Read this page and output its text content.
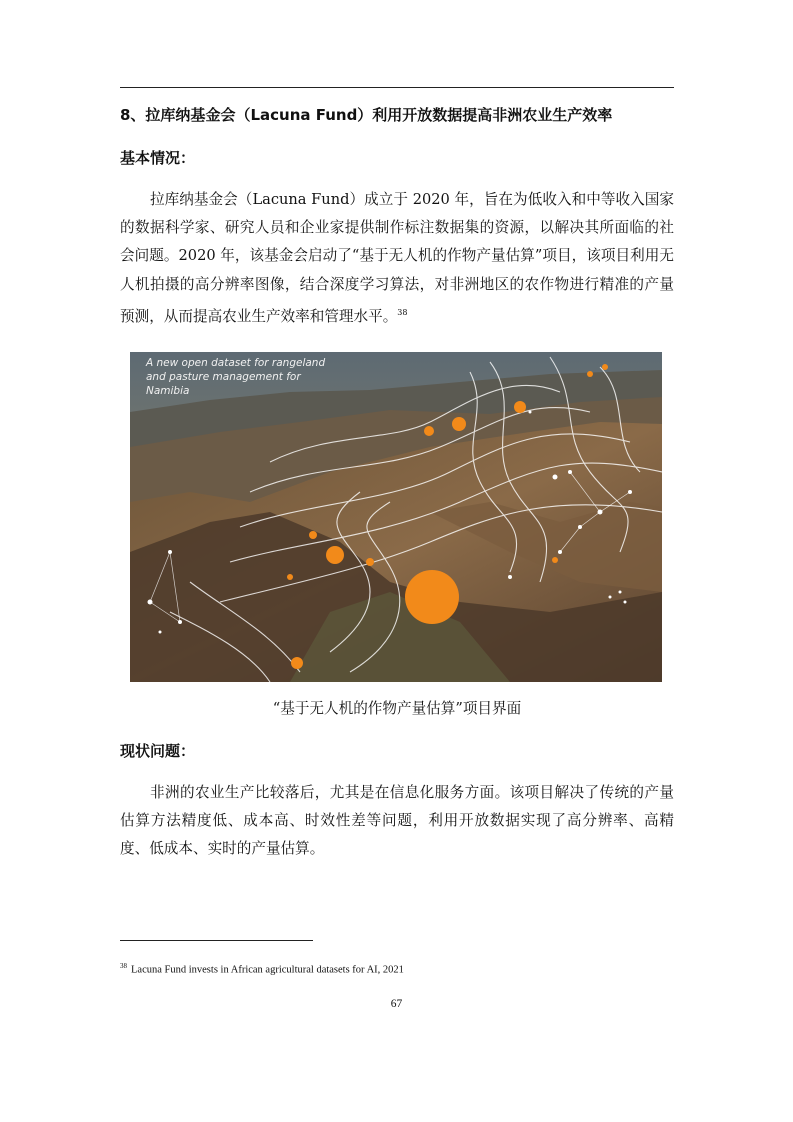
8、拉库纳基金会（Lacuna Fund）利用开放数据提高非洲农业生产效率
基本情况：

拉库纳基金会（Lacuna Fund）成立于 2020 年，旨在为低收入和中等收入国家的数据科学家、研究人员和企业家提供制作标注数据集的资源，以解决其所面临的社会问题。2020 年，该基金会启动了“基于无人机的作物产量估算”项目，该项目利用无人机拍摄的高分辨率图像，结合深度学习算法，对非洲地区的农作物进行精准的产量预测，从而提高农业生产效率和管理水平。$^{38}$

A new open dataset for rangeland and pasture management for Namibia
“基于无人机的作物产量估算”项目界面
现状问题：

非洲的农业生产比较落后，尤其是在信息化服务方面。该项目解决了传统的产量估算方法精度低、成本高、时效性差等问题，利用开放数据实现了高分辨率、高精度、低成本、实时的产量估算。

$^{38}$ Lacuna Fund invests in African agricultural datasets for AI, 2021
67
